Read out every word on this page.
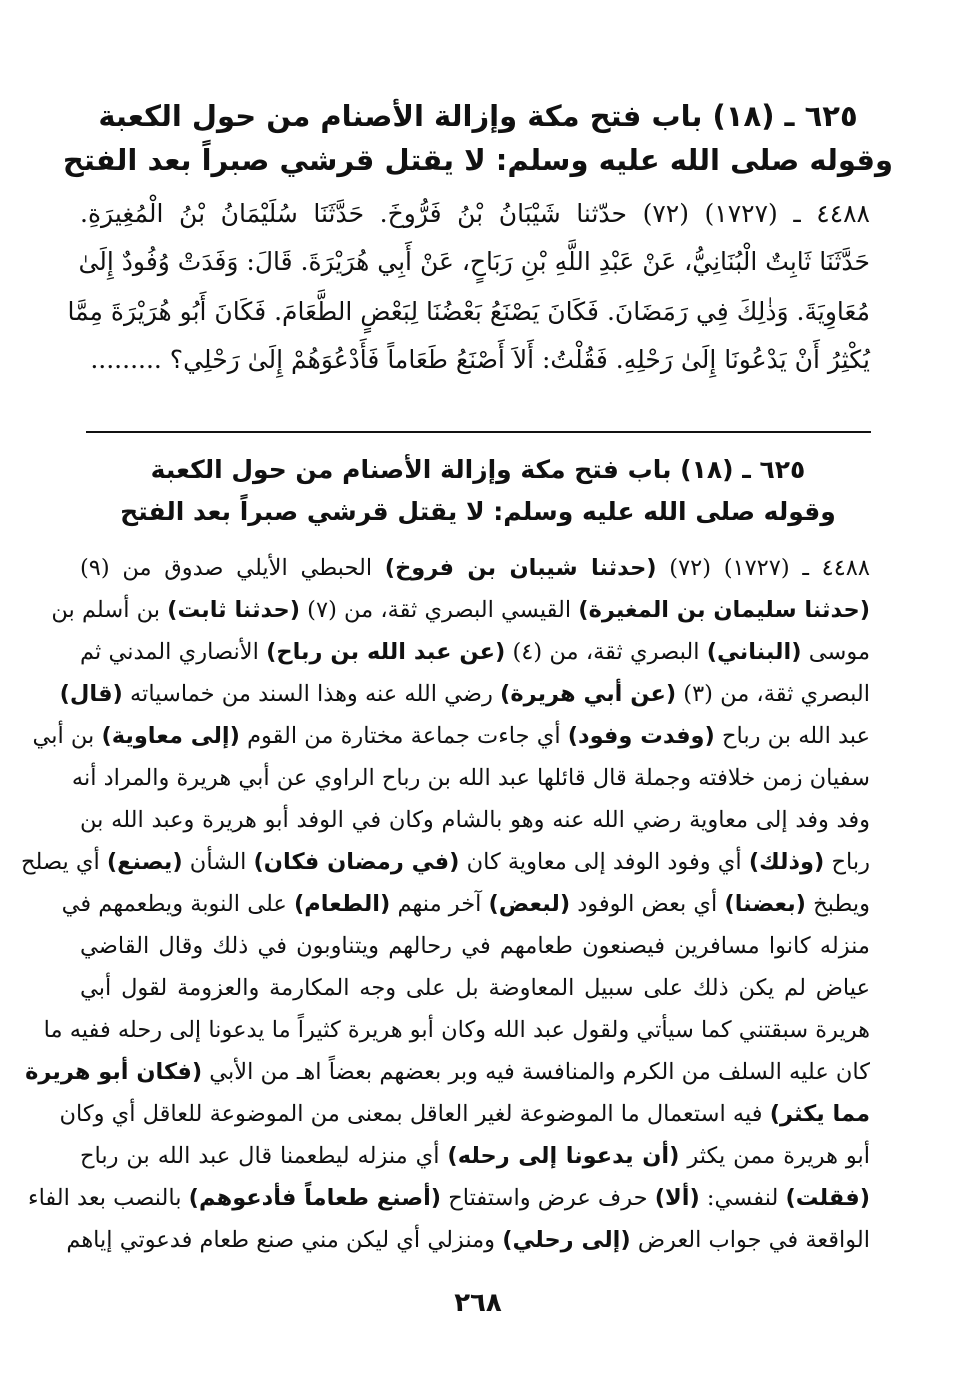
٦٢٥ ـ (١٨) باب فتح مكة وإزالة الأصنام من حول الكعبة
وقوله صلى الله عليه وسلم: لا يقتل قرشي صبراً بعد الفتح
٤٤٨٨ ـ (١٧٢٧) (٧٢) حدّثنا شَيْبَانُ بْنُ فَرُّوخَ. حَدَّثَنَا سُلَيْمَانُ بْنُ الْمُغِيرَةِ.
حَدَّثَنَا ثَابِتٌ الْبُنَانِيُّ، عَنْ عَبْدِ اللَّهِ بْنِ رَبَاحٍ، عَنْ أَبِي هُرَيْرَةَ. قَالَ: وَفَدَتْ وُفُودٌ إِلَىٰ
مُعَاوِيَةَ. وَذٰلِكَ فِي رَمَضَانَ. فَكَانَ يَصْنَعُ بَعْضُنَا لِبَعْضٍ الطَّعَامَ. فَكَانَ أَبُو هُرَيْرَةَ مِمَّا
يُكْثِرُ أَنْ يَدْعُونَا إِلَىٰ رَحْلِهِ. فَقُلْتُ: أَلاَ أَصْنَعُ طَعَاماً فَأَدْعُوَهُمْ إِلَىٰ رَحْلِي؟ .........
٦٢٥ ـ (١٨) باب فتح مكة وإزالة الأصنام من حول الكعبة
وقوله صلى الله عليه وسلم: لا يقتل قرشي صبراً بعد الفتح
٤٤٨٨ ـ (١٧٢٧) (٧٢) (حدثنا شيبان بن فروخ) الحبطي الأيلي صدوق من (٩)
(حدثنا سليمان بن المغيرة) القيسي البصري ثقة، من (٧) (حدثنا ثابت) بن أسلم بن
موسى (البناني) البصري ثقة، من (٤) (عن عبد الله بن رباح) الأنصاري المدني ثم
البصري ثقة، من (٣) (عن أبي هريرة) رضي الله عنه وهذا السند من خماسياته (قال)
عبد الله بن رباح (وفدت وفود) أي جاءت جماعة مختارة من القوم (إلى معاوية) بن أبي
سفيان زمن خلافته وجملة قال قائلها عبد الله بن رباح الراوي عن أبي هريرة والمراد أنه
وفد وفد إلى معاوية رضي الله عنه وهو بالشام وكان في الوفد أبو هريرة وعبد الله بن
رباح (وذلك) أي وفود الوفد إلى معاوية كان (في رمضان فكان) الشأن (يصنع) أي يصلح
ويطبخ (بعضنا) أي بعض الوفود (لبعض) آخر منهم (الطعام) على النوبة ويطعمهم في
منزله كانوا مسافرين فيصنعون طعامهم في رحالهم ويتناوبون في ذلك وقال القاضي
عياض لم يكن ذلك على سبيل المعاوضة بل على وجه المكارمة والعزومة لقول أبي
هريرة سبقتني كما سيأتي ولقول عبد الله وكان أبو هريرة كثيراً ما يدعونا إلى رحله ففيه ما
كان عليه السلف من الكرم والمنافسة فيه وبر بعضهم بعضاً اهـ من الأبي (فكان أبو هريرة
مما يكثر) فيه استعمال ما الموضوعة لغير العاقل بمعنى من الموضوعة للعاقل أي وكان
أبو هريرة ممن يكثر (أن يدعونا إلى رحله) أي منزله ليطعمنا قال عبد الله بن رباح
(فقلت) لنفسي: (ألا) حرف عرض واستفتاح (أصنع طعاماً فأدعوهم) بالنصب بعد الفاء
الواقعة في جواب العرض (إلى رحلي) ومنزلي أي ليكن مني صنع طعام فدعوتي إياهم
٢٦٨
